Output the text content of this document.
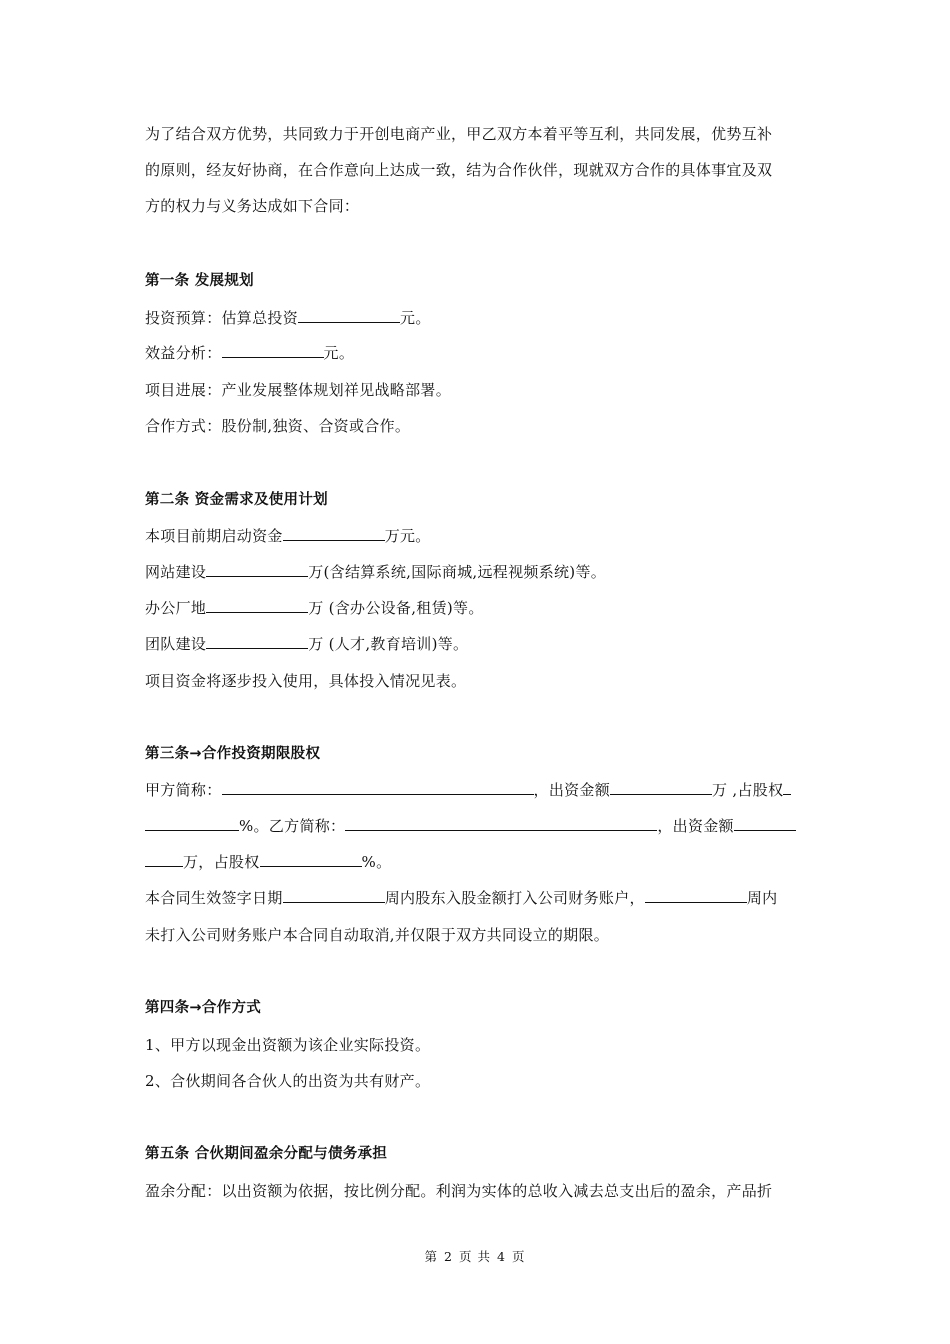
为了结合双方优势，共同致力于开创电商产业，甲乙双方本着平等互利，共同发展，优势互补
的原则，经友好协商，在合作意向上达成一致，结为合作伙伴，现就双方合作的具体事宜及双
方的权力与义务达成如下合同：
第一条 发展规划
投资预算：估算总投资	元。
效益分析：	元。
项目进展：产业发展整体规划祥见战略部署。
合作方式：股份制,独资、合资或合作。
第二条 资金需求及使用计划
本项目前期启动资金	万元。
网站建设	万(含结算系统,国际商城,远程视频系统)等。
办公厂地	万 (含办公设备,租赁)等。
团队建设	万 (人才,教育培训)等。
项目资金将逐步投入使用，具体投入情况见表。
第三条→合作投资期限股权
甲方简称：	，出资金额	万 ,占股权
%。乙方简称：	，出资金额
万，占股权	%。
本合同生效签字日期	周内股东入股金额打入公司财务账户，	周内
未打入公司财务账户本合同自动取消,并仅限于双方共同设立的期限。
第四条→合作方式
1、甲方以现金出资额为该企业实际投资。
2、合伙期间各合伙人的出资为共有财产。
第五条 合伙期间盈余分配与债务承担
盈余分配：以出资额为依据，按比例分配。利润为实体的总收入减去总支出后的盈余，产品折
第 2 页 共 4 页
